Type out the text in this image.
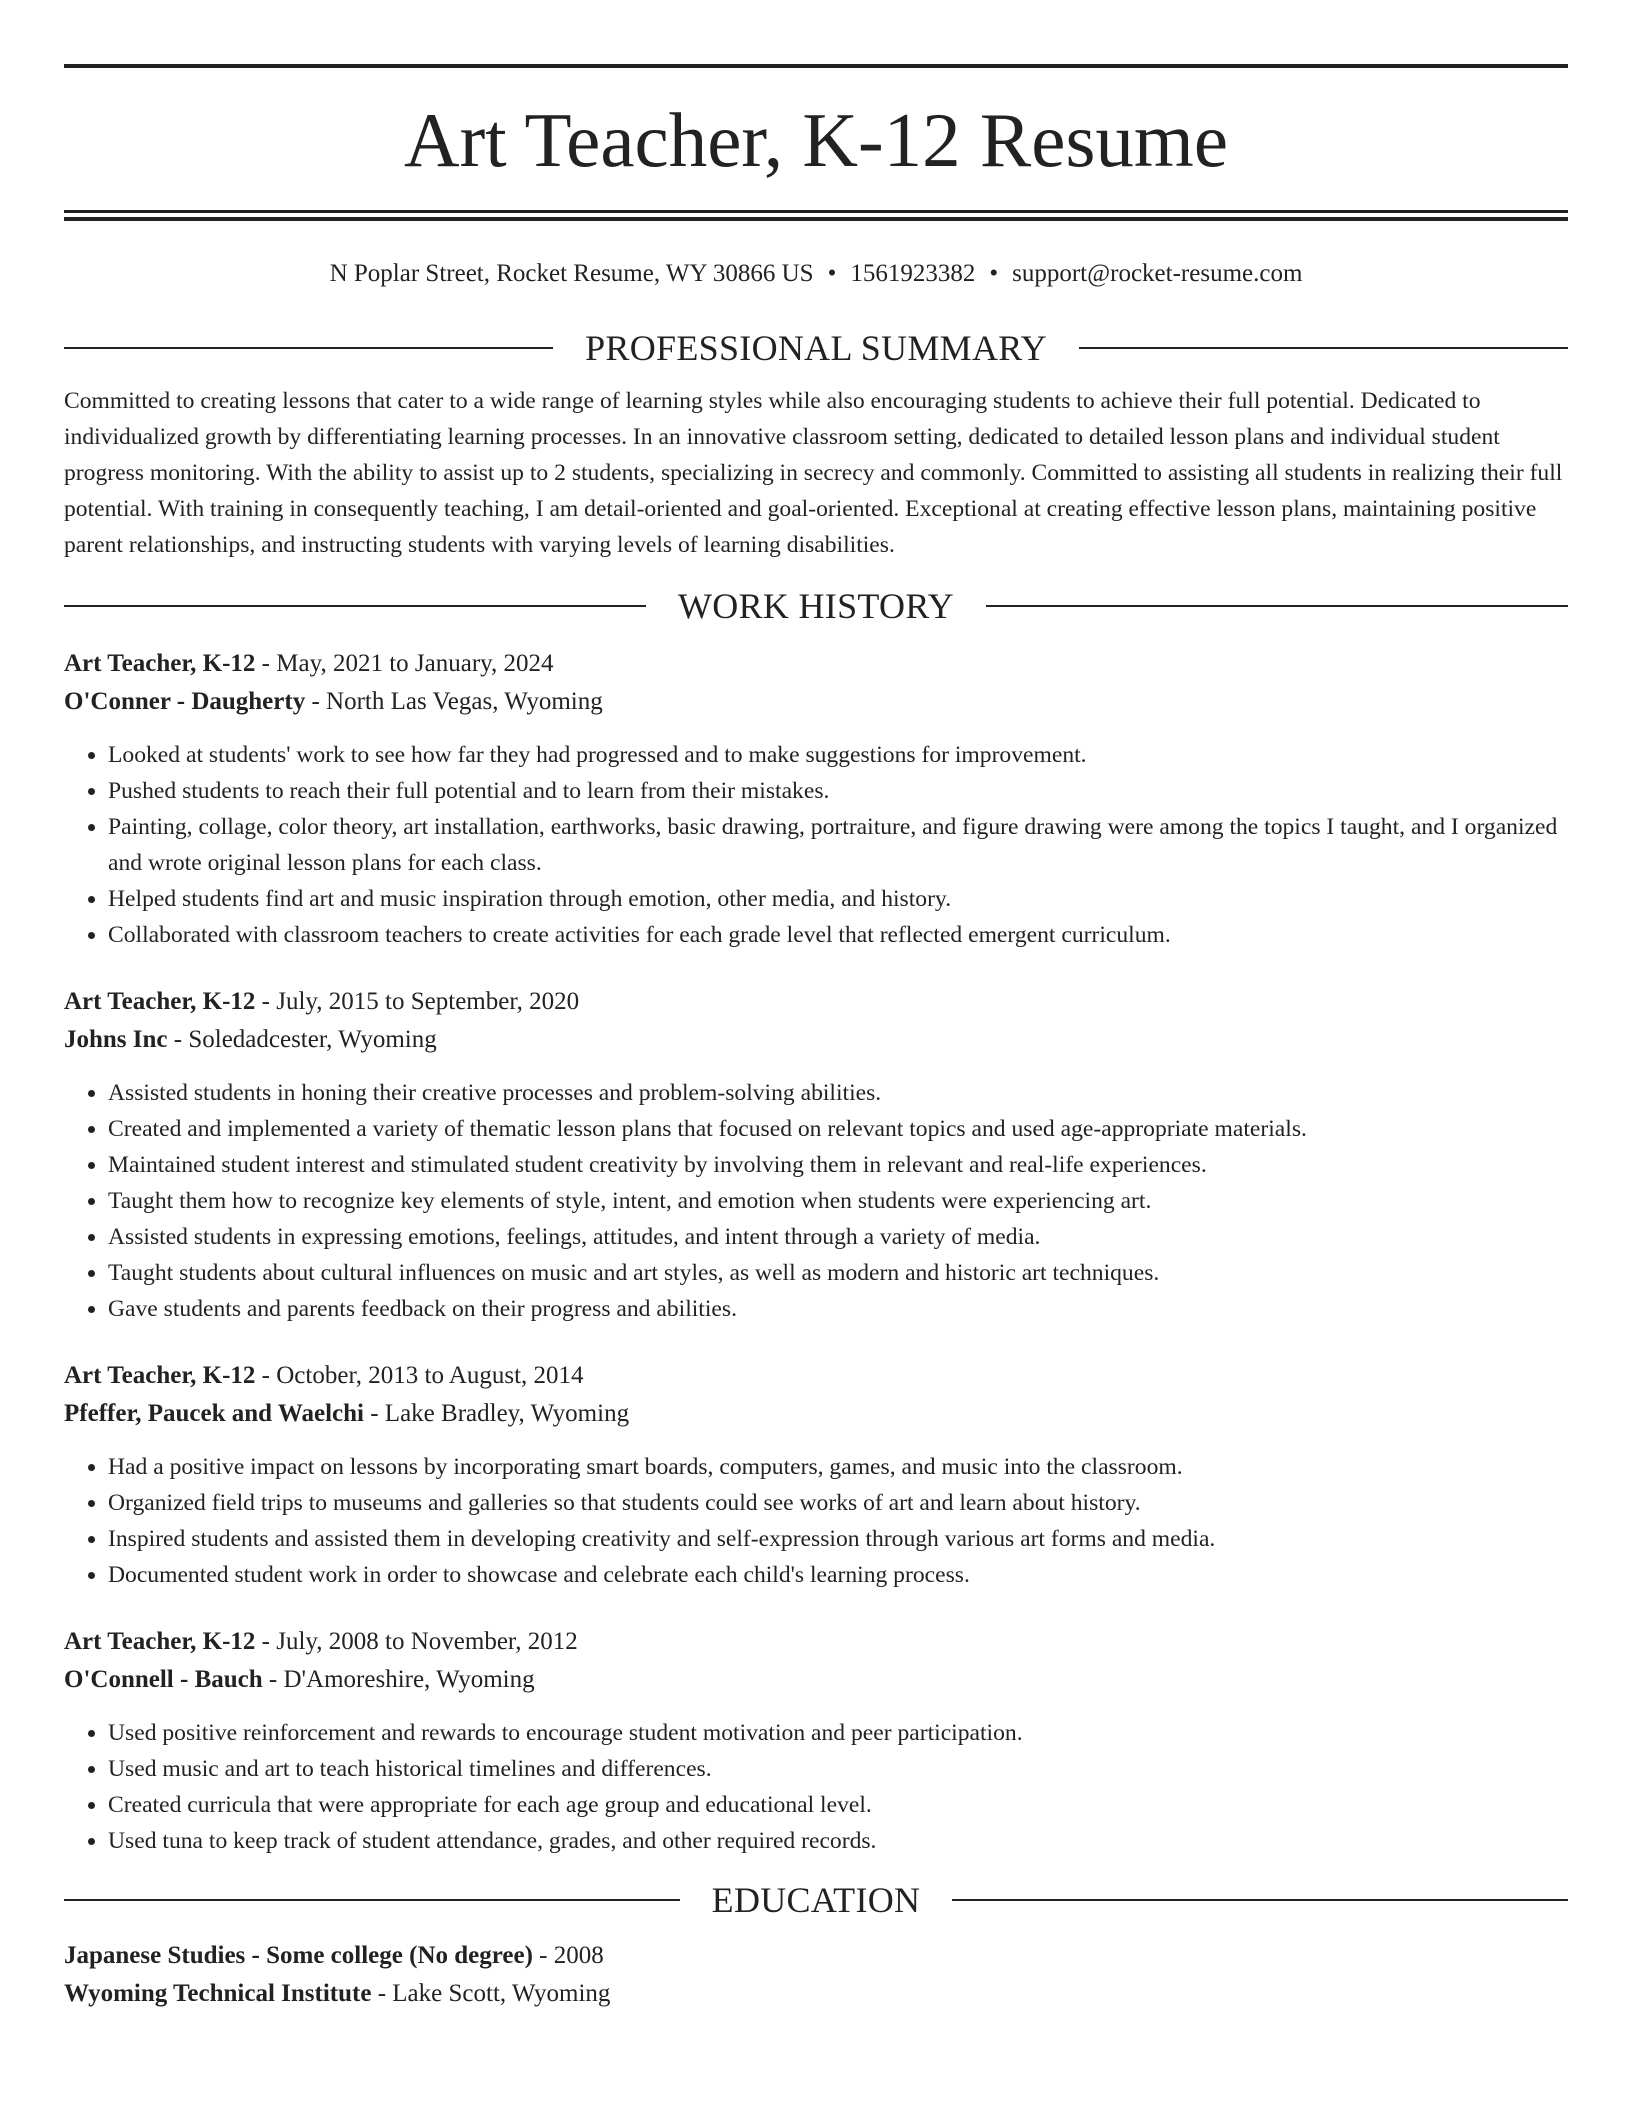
Art Teacher, K-12 Resume
N Poplar Street, Rocket Resume, WY 30866 US • 1561923382 • support@rocket-resume.com
PROFESSIONAL SUMMARY

Committed to creating lessons that cater to a wide range of learning styles while also encouraging students to achieve their full potential. Dedicated to individualized growth by differentiating learning processes. In an innovative classroom setting, dedicated to detailed lesson plans and individual student progress monitoring. With the ability to assist up to 2 students, specializing in secrecy and commonly. Committed to assisting all students in realizing their full potential. With training in consequently teaching, I am detail-oriented and goal-oriented. Exceptional at creating effective lesson plans, maintaining positive parent relationships, and instructing students with varying levels of learning disabilities.

WORK HISTORY
Art Teacher, K-12 - May, 2021 to January, 2024
O'Conner - Daugherty - North Las Vegas, Wyoming
• Looked at students' work to see how far they had progressed and to make suggestions for improvement.
• Pushed students to reach their full potential and to learn from their mistakes.
• Painting, collage, color theory, art installation, earthworks, basic drawing, portraiture, and figure drawing were among the topics I taught, and I organized and wrote original lesson plans for each class.
• Helped students find art and music inspiration through emotion, other media, and history.
• Collaborated with classroom teachers to create activities for each grade level that reflected emergent curriculum.
Art Teacher, K-12 - July, 2015 to September, 2020
Johns Inc - Soledadcester, Wyoming
• Assisted students in honing their creative processes and problem-solving abilities.
• Created and implemented a variety of thematic lesson plans that focused on relevant topics and used age-appropriate materials.
• Maintained student interest and stimulated student creativity by involving them in relevant and real-life experiences.
• Taught them how to recognize key elements of style, intent, and emotion when students were experiencing art.
• Assisted students in expressing emotions, feelings, attitudes, and intent through a variety of media.
• Taught students about cultural influences on music and art styles, as well as modern and historic art techniques.
• Gave students and parents feedback on their progress and abilities.
Art Teacher, K-12 - October, 2013 to August, 2014
Pfeffer, Paucek and Waelchi - Lake Bradley, Wyoming
• Had a positive impact on lessons by incorporating smart boards, computers, games, and music into the classroom.
• Organized field trips to museums and galleries so that students could see works of art and learn about history.
• Inspired students and assisted them in developing creativity and self-expression through various art forms and media.
• Documented student work in order to showcase and celebrate each child's learning process.
Art Teacher, K-12 - July, 2008 to November, 2012
O'Connell - Bauch - D'Amoreshire, Wyoming
• Used positive reinforcement and rewards to encourage student motivation and peer participation.
• Used music and art to teach historical timelines and differences.
• Created curricula that were appropriate for each age group and educational level.
• Used tuna to keep track of student attendance, grades, and other required records.
EDUCATION
Japanese Studies - Some college (No degree) - 2008
Wyoming Technical Institute - Lake Scott, Wyoming
